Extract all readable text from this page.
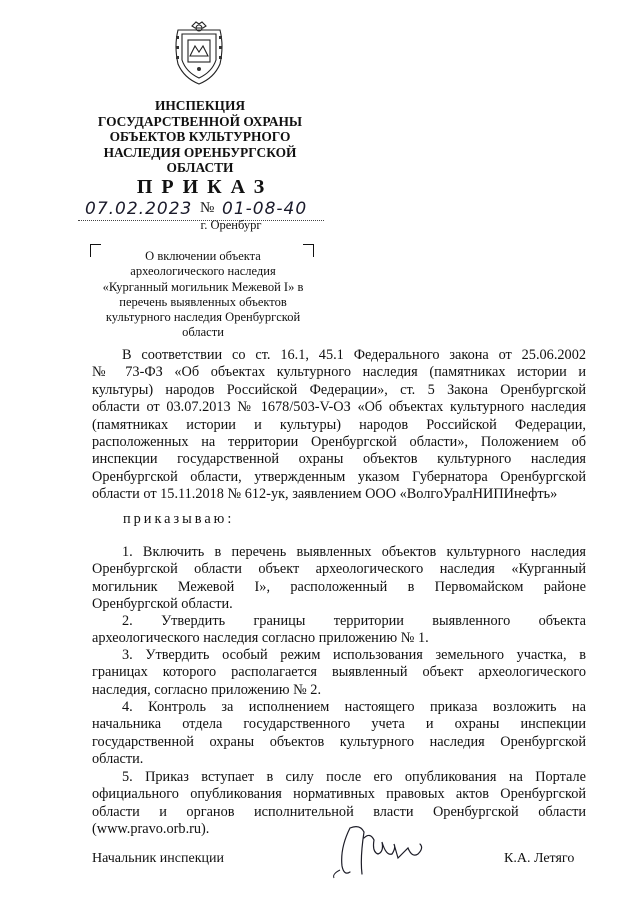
ИНСПЕКЦИЯ
ГОСУДАРСТВЕННОЙ ОХРАНЫ
ОБЪЕКТОВ КУЛЬТУРНОГО
НАСЛЕДИЯ ОРЕНБУРГСКОЙ
ОБЛАСТИ
ПРИКАЗ
07.02.2023 № 01-08-40
г. Оренбург
О включении объекта
археологического наследия
«Курганный могильник Межевой I» в
перечень выявленных объектов
культурного наследия Оренбургской
области
В соответствии со ст. 16.1, 45.1 Федерального закона от 25.06.2002
№ 73-ФЗ «Об объектах культурного наследия (памятниках истории и
культуры) народов Российской Федерации», ст. 5 Закона Оренбургской
области от 03.07.2013 № 1678/503-V-ОЗ «Об объектах культурного наследия
(памятниках истории и культуры) народов Российской Федерации,
расположенных на территории Оренбургской области», Положением об
инспекции государственной охраны объектов культурного наследия
Оренбургской области, утвержденным указом Губернатора Оренбургской
области от 15.11.2018 № 612-ук, заявлением ООО «ВолгоУралНИПИнефть»
приказываю:
1. Включить в перечень выявленных объектов культурного наследия
Оренбургской области объект археологического наследия «Курганный
могильник Межевой I», расположенный в Первомайском районе
Оренбургской области.
2. Утвердить границы территории выявленного объекта
археологического наследия согласно приложению № 1.
3. Утвердить особый режим использования земельного участка, в
границах которого располагается выявленный объект археологического
наследия, согласно приложению № 2.
4. Контроль за исполнением настоящего приказа возложить на
начальника отдела государственного учета и охраны инспекции
государственной охраны объектов культурного наследия Оренбургской
области.
5. Приказ вступает в силу после его опубликования на Портале
официального опубликования нормативных правовых актов Оренбургской
области и органов исполнительной власти Оренбургской области
(www.pravo.orb.ru).
Начальник инспекции	К.А. Летяго
